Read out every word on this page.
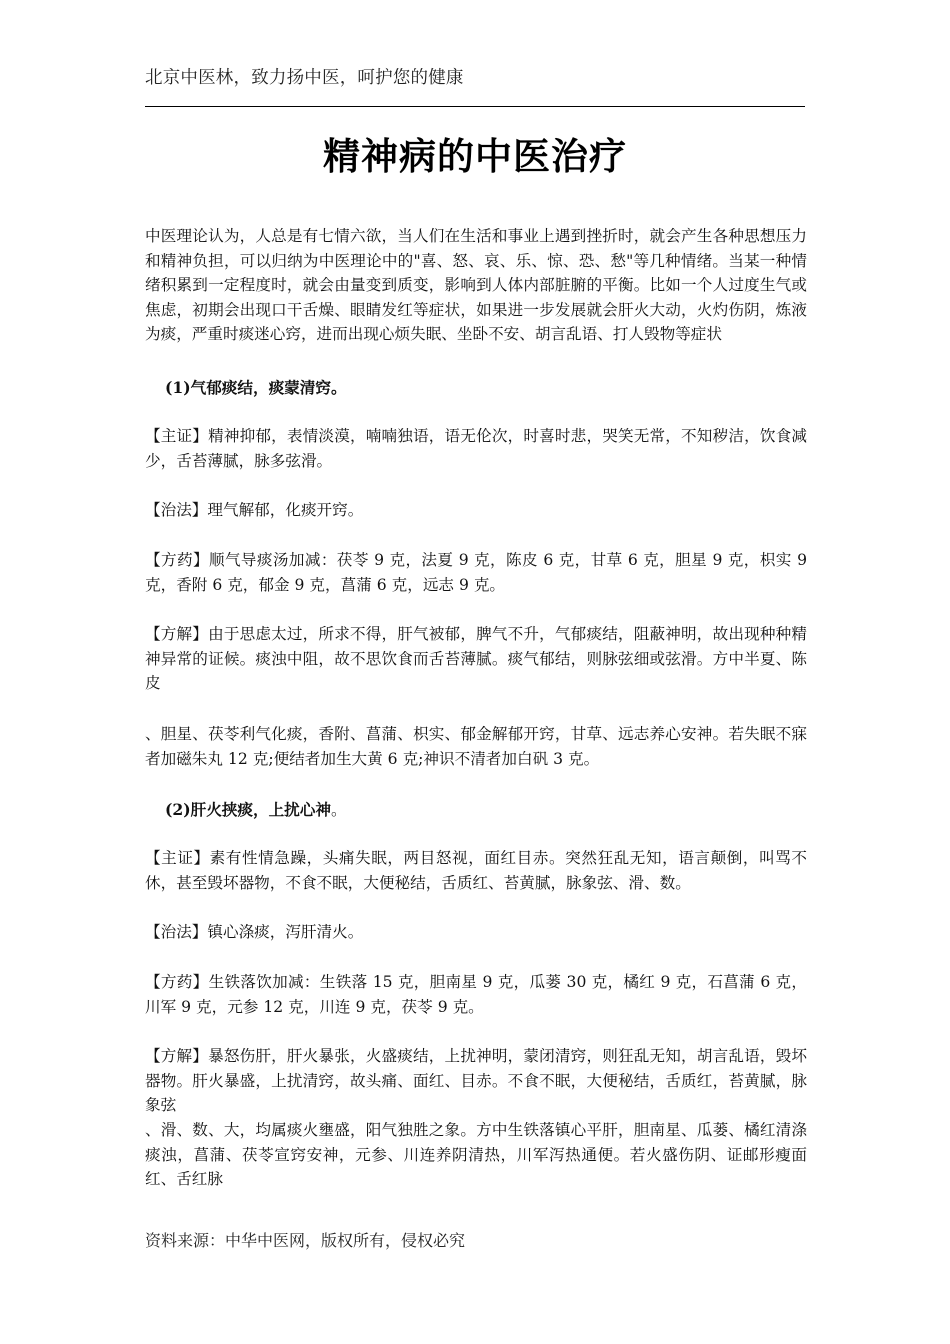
北京中医林，致力扬中医，呵护您的健康
精神病的中医治疗

中医理论认为，人总是有七情六欲，当人们在生活和事业上遇到挫折时，就会产生各种思想压力和精神负担，可以归纳为中医理论中的"喜、怒、哀、乐、惊、恐、愁"等几种情绪。当某一种情绪积累到一定程度时，就会由量变到质变，影响到人体内部脏腑的平衡。比如一个人过度生气或焦虑，初期会出现口干舌燥、眼睛发红等症状，如果进一步发展就会肝火大动，火灼伤阴，炼液为痰，严重时痰迷心窍，进而出现心烦失眠、坐卧不安、胡言乱语、打人毁物等症状

(1)气郁痰结，痰蒙清窍。

【主证】精神抑郁，表情淡漠，喃喃独语，语无伦次，时喜时悲，哭笑无常，不知秽洁，饮食减少，舌苔薄腻，脉多弦滑。

【治法】理气解郁，化痰开窍。

【方药】顺气导痰汤加减：茯苓 9 克，法夏 9 克，陈皮 6 克，甘草 6 克，胆星 9 克，枳实 9 克，香附 6 克，郁金 9 克，菖蒲 6 克，远志 9 克。

【方解】由于思虑太过，所求不得，肝气被郁，脾气不升，气郁痰结，阻蔽神明，故出现种种精神异常的证候。痰浊中阻，故不思饮食而舌苔薄腻。痰气郁结，则脉弦细或弦滑。方中半夏、陈皮

、胆星、茯苓利气化痰，香附、菖蒲、枳实、郁金解郁开窍，甘草、远志养心安神。若失眠不寐者加磁朱丸 12 克;便结者加生大黄 6 克;神识不清者加白矾 3 克。

(2)肝火挟痰，上扰心神。

【主证】素有性情急躁，头痛失眠，两目怒视，面红目赤。突然狂乱无知，语言颠倒，叫骂不休，甚至毁坏器物，不食不眠，大便秘结，舌质红、苔黄腻，脉象弦、滑、数。

【治法】镇心涤痰，泻肝清火。

【方药】生铁落饮加减：生铁落 15 克，胆南星 9 克，瓜蒌 30 克，橘红 9 克，石菖蒲 6 克，川军 9 克，元参 12 克，川连 9 克，茯苓 9 克。

【方解】暴怒伤肝，肝火暴张，火盛痰结，上扰神明，蒙闭清窍，则狂乱无知，胡言乱语，毁坏器物。肝火暴盛，上扰清窍，故头痛、面红、目赤。不食不眠，大便秘结，舌质红，苔黄腻，脉象弦

、滑、数、大，均属痰火壅盛，阳气独胜之象。方中生铁落镇心平肝，胆南星、瓜蒌、橘红清涤痰浊，菖蒲、茯苓宣窍安神，元参、川连养阴清热，川军泻热通便。若火盛伤阴、证邮形瘦面红、舌红脉

资料来源：中华中医网，版权所有，侵权必究
